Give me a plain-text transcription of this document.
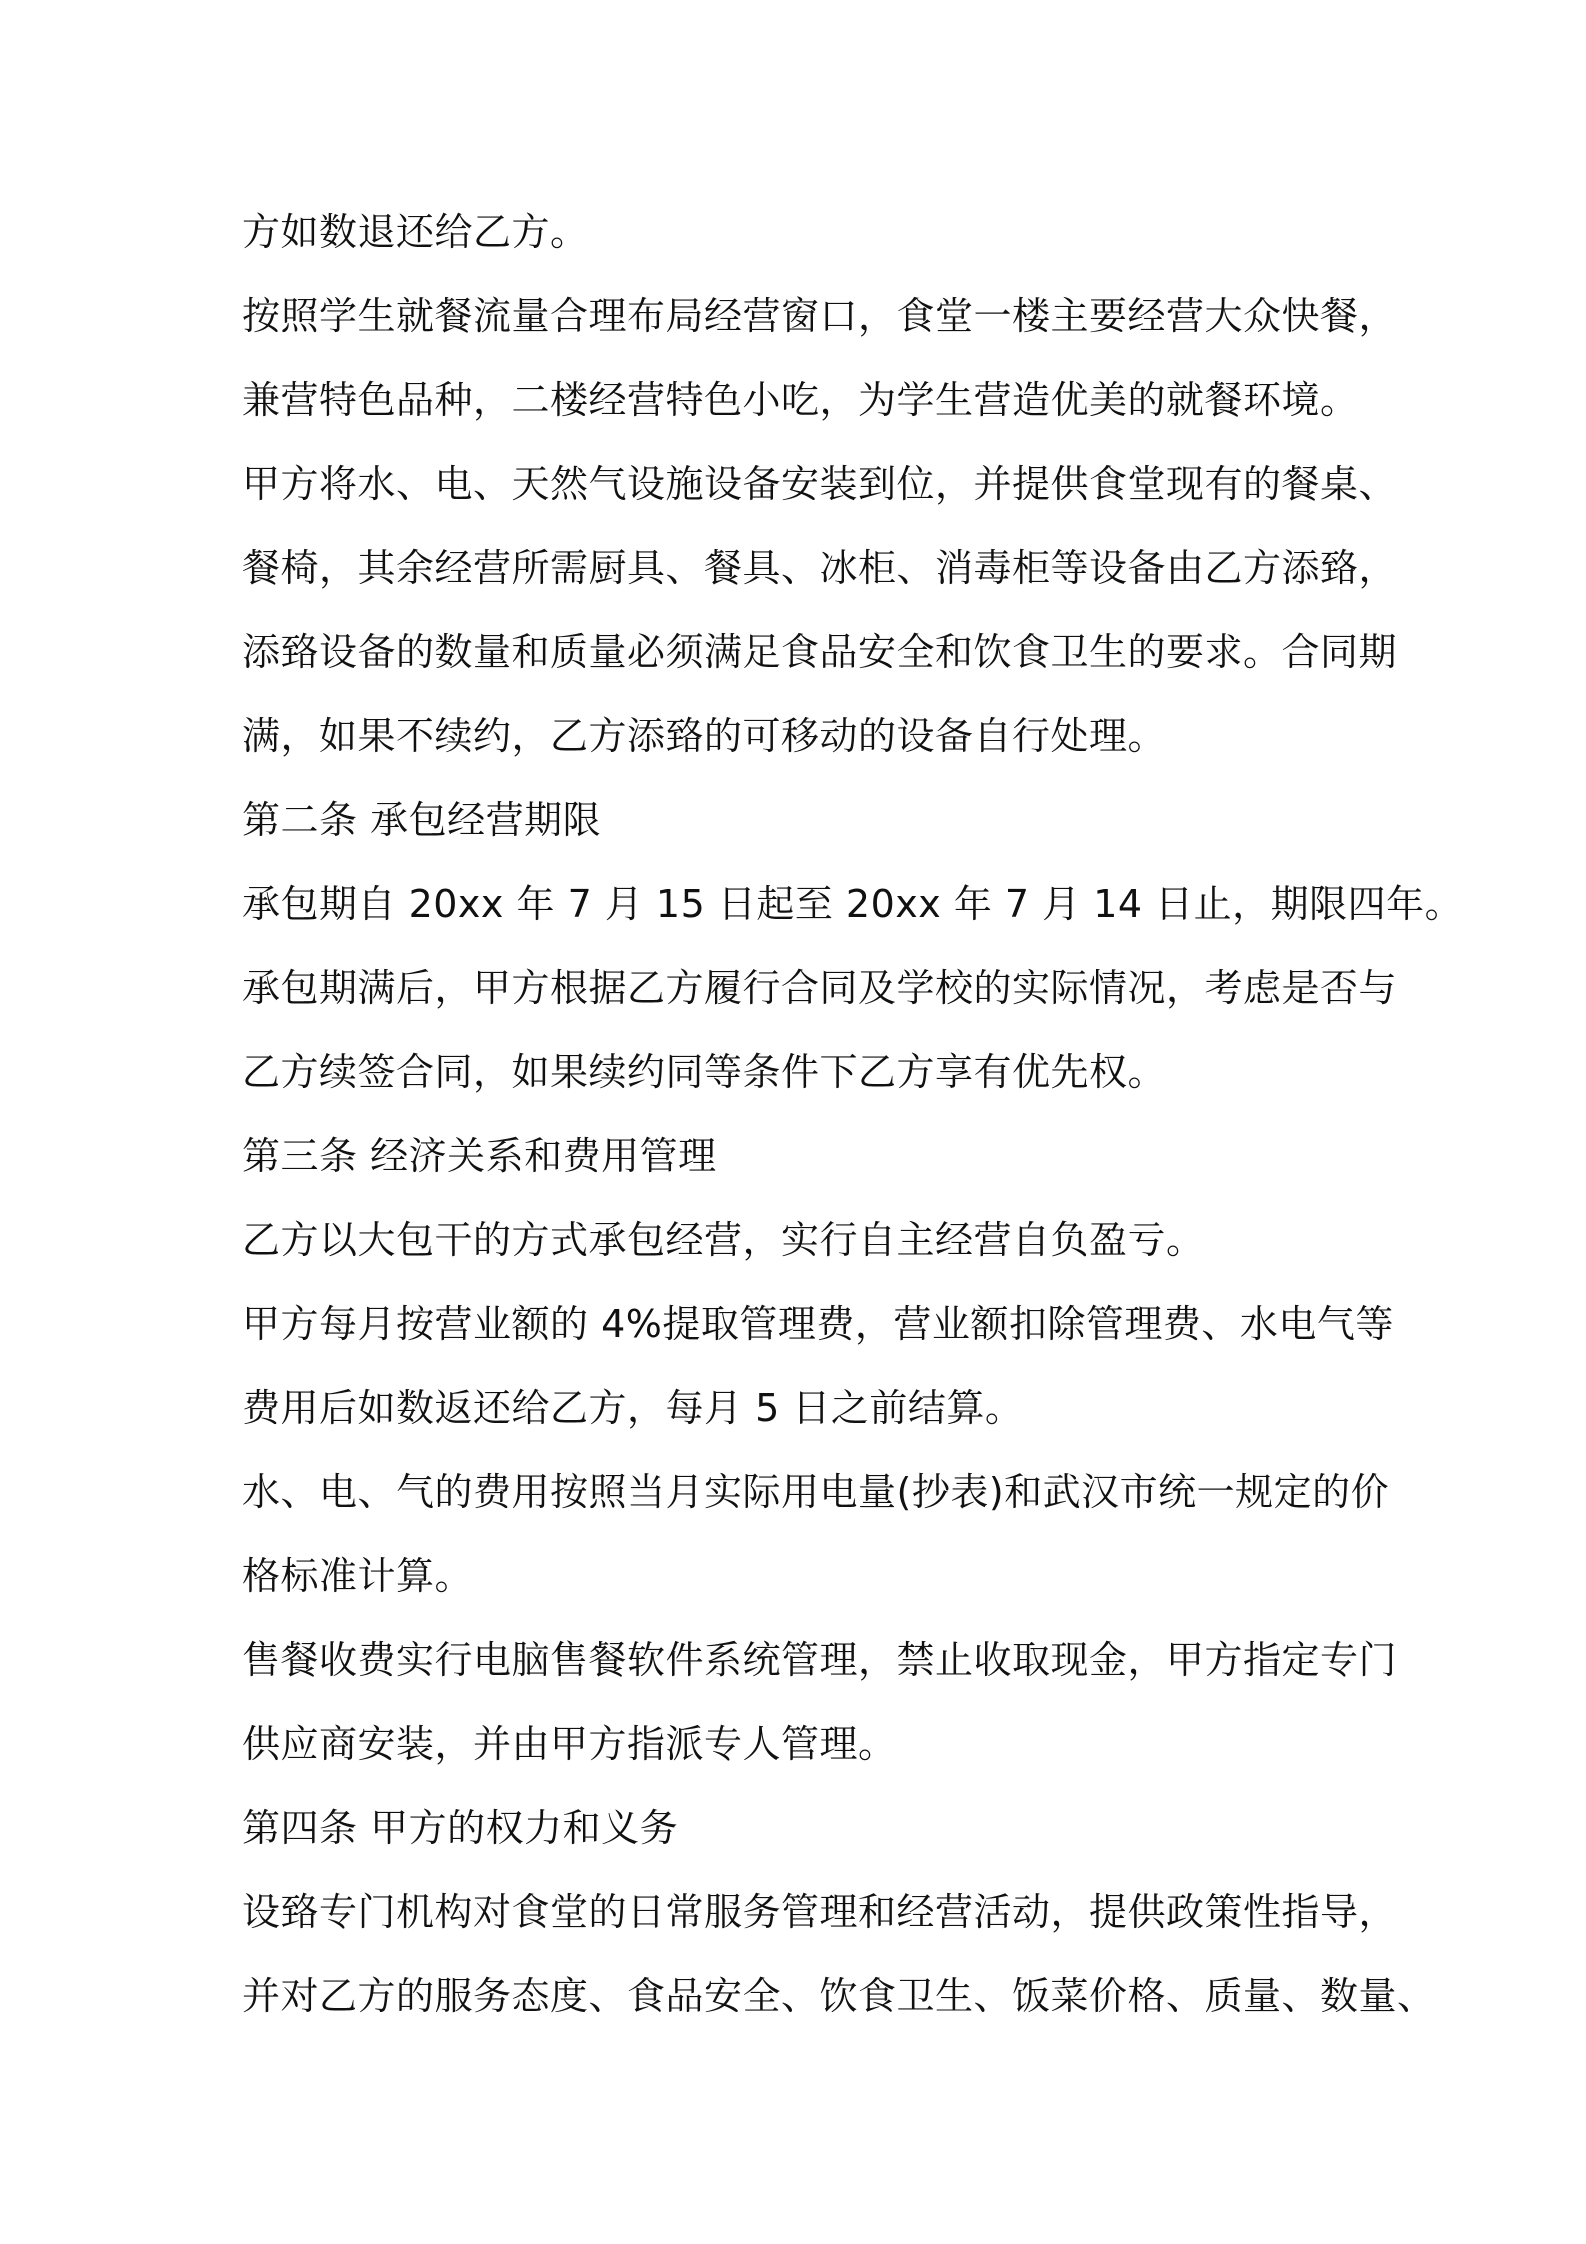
方如数退还给乙方。
按照学生就餐流量合理布局经营窗口，食堂一楼主要经营大众快餐，
兼营特色品种，二楼经营特色小吃，为学生营造优美的就餐环境。
甲方将水、电、天然气设施设备安装到位，并提供食堂现有的餐桌、
餐椅，其余经营所需厨具、餐具、冰柜、消毒柜等设备由乙方添臵，
添臵设备的数量和质量必须满足食品安全和饮食卫生的要求。合同期
满，如果不续约，乙方添臵的可移动的设备自行处理。
第二条 承包经营期限
承包期自 20xx 年 7 月 15 日起至 20xx 年 7 月 14 日止，期限四年。
承包期满后，甲方根据乙方履行合同及学校的实际情况，考虑是否与
乙方续签合同，如果续约同等条件下乙方享有优先权。
第三条 经济关系和费用管理
乙方以大包干的方式承包经营，实行自主经营自负盈亏。
甲方每月按营业额的 4%提取管理费，营业额扣除管理费、水电气等
费用后如数返还给乙方，每月 5 日之前结算。
水、电、气的费用按照当月实际用电量(抄表)和武汉市统一规定的价
格标准计算。
售餐收费实行电脑售餐软件系统管理，禁止收取现金，甲方指定专门
供应商安装，并由甲方指派专人管理。
第四条 甲方的权力和义务
设臵专门机构对食堂的日常服务管理和经营活动，提供政策性指导，
并对乙方的服务态度、食品安全、饮食卫生、饭菜价格、质量、数量、
